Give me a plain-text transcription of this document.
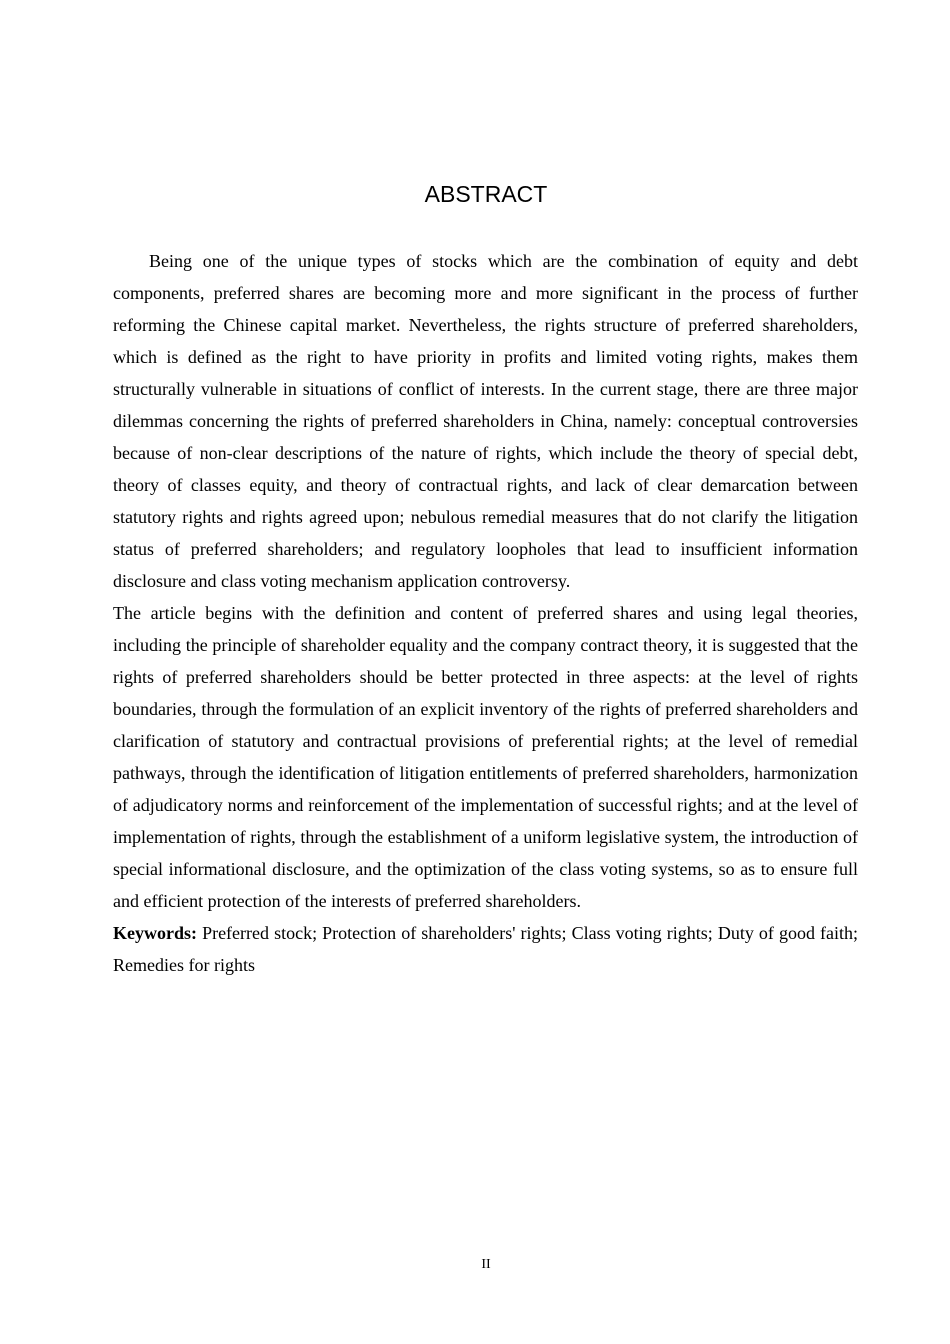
ABSTRACT

Being one of the unique types of stocks which are the combination of equity and debt components, preferred shares are becoming more and more significant in the process of further reforming the Chinese capital market. Nevertheless, the rights structure of preferred shareholders, which is defined as the right to have priority in profits and limited voting rights, makes them structurally vulnerable in situations of conflict of interests. In the current stage, there are three major dilemmas concerning the rights of preferred shareholders in China, namely: conceptual controversies because of non-clear descriptions of the nature of rights, which include the theory of special debt, theory of classes equity, and theory of contractual rights, and lack of clear demarcation between statutory rights and rights agreed upon; nebulous remedial measures that do not clarify the litigation status of preferred shareholders; and regulatory loopholes that lead to insufficient information disclosure and class voting mechanism application controversy.

The article begins with the definition and content of preferred shares and using legal theories, including the principle of shareholder equality and the company contract theory, it is suggested that the rights of preferred shareholders should be better protected in three aspects: at the level of rights boundaries, through the formulation of an explicit inventory of the rights of preferred shareholders and clarification of statutory and contractual provisions of preferential rights; at the level of remedial pathways, through the identification of litigation entitlements of preferred shareholders, harmonization of adjudicatory norms and reinforcement of the implementation of successful rights; and at the level of implementation of rights, through the establishment of a uniform legislative system, the introduction of special informational disclosure, and the optimization of the class voting systems, so as to ensure full and efficient protection of the interests of preferred shareholders.

Keywords: Preferred stock; Protection of shareholders' rights; Class voting rights; Duty of good faith; Remedies for rights

II
